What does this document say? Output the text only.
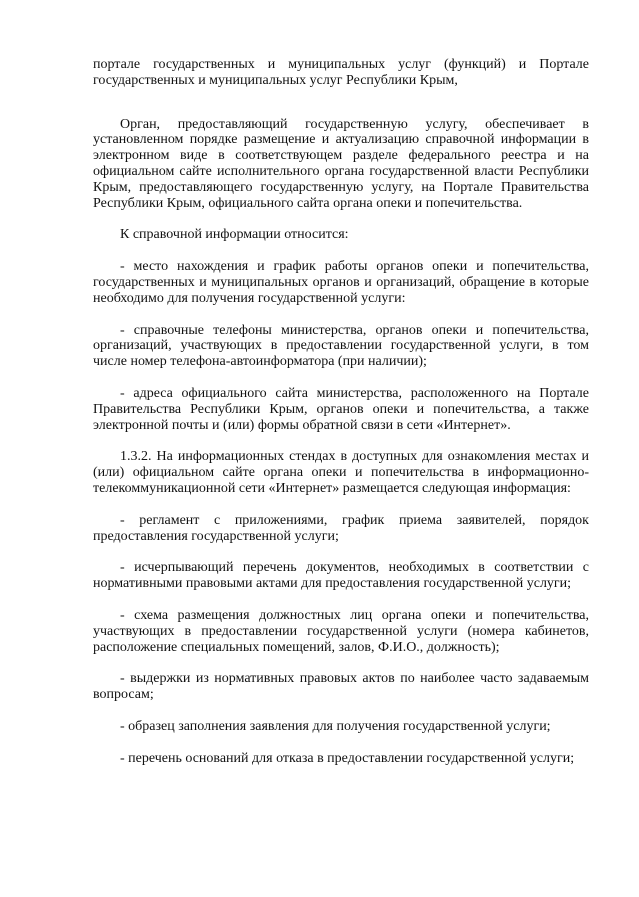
порталe государственных и муниципальных услуг (функций) и Портале государственных и муниципальных услуг Республики Крым,

Орган, предоставляющий государственную услугу, обеспечивает в установленном порядке размещение и актуализацию справочной информации в электронном виде в соответствующем разделе федерального реестра и на официальном сайте исполнительного органа государственной власти Республики Крым, предоставляющего государственную услугу, на Портале Правительства Республики Крым, официального сайта органа опеки и попечительства.

К справочной информации относится:

- место нахождения и график работы органов опеки и попечительства, государственных и муниципальных органов и организаций, обращение в которые необходимо для получения государственной услуги:

- справочные телефоны министерства, органов опеки и попечительства, организаций, участвующих в предоставлении государственной услуги, в том числе номер телефона-автоинформатора (при наличии);

- адреса официального сайта министерства, расположенного на Портале Правительства Республики Крым, органов опеки и попечительства, а также электронной почты и (или) формы обратной связи в сети «Интернет».

1.3.2. На информационных стендах в доступных для ознакомления местах и (или) официальном сайте органа опеки и попечительства в информационно-телекоммуникационной сети «Интернет» размещается следующая информация:

- регламент с приложениями, график приема заявителей, порядок предоставления государственной услуги;

- исчерпывающий перечень документов, необходимых в соответствии с нормативными правовыми актами для предоставления государственной услуги;

- схема размещения должностных лиц органа опеки и попечительства, участвующих в предоставлении государственной услуги (номера кабинетов, расположение специальных помещений, залов, Ф.И.О., должность);

- выдержки из нормативных правовых актов по наиболее часто задаваемым вопросам;

- образец заполнения заявления для получения государственной услуги;

- перечень оснований для отказа в предоставлении государственной услуги;
